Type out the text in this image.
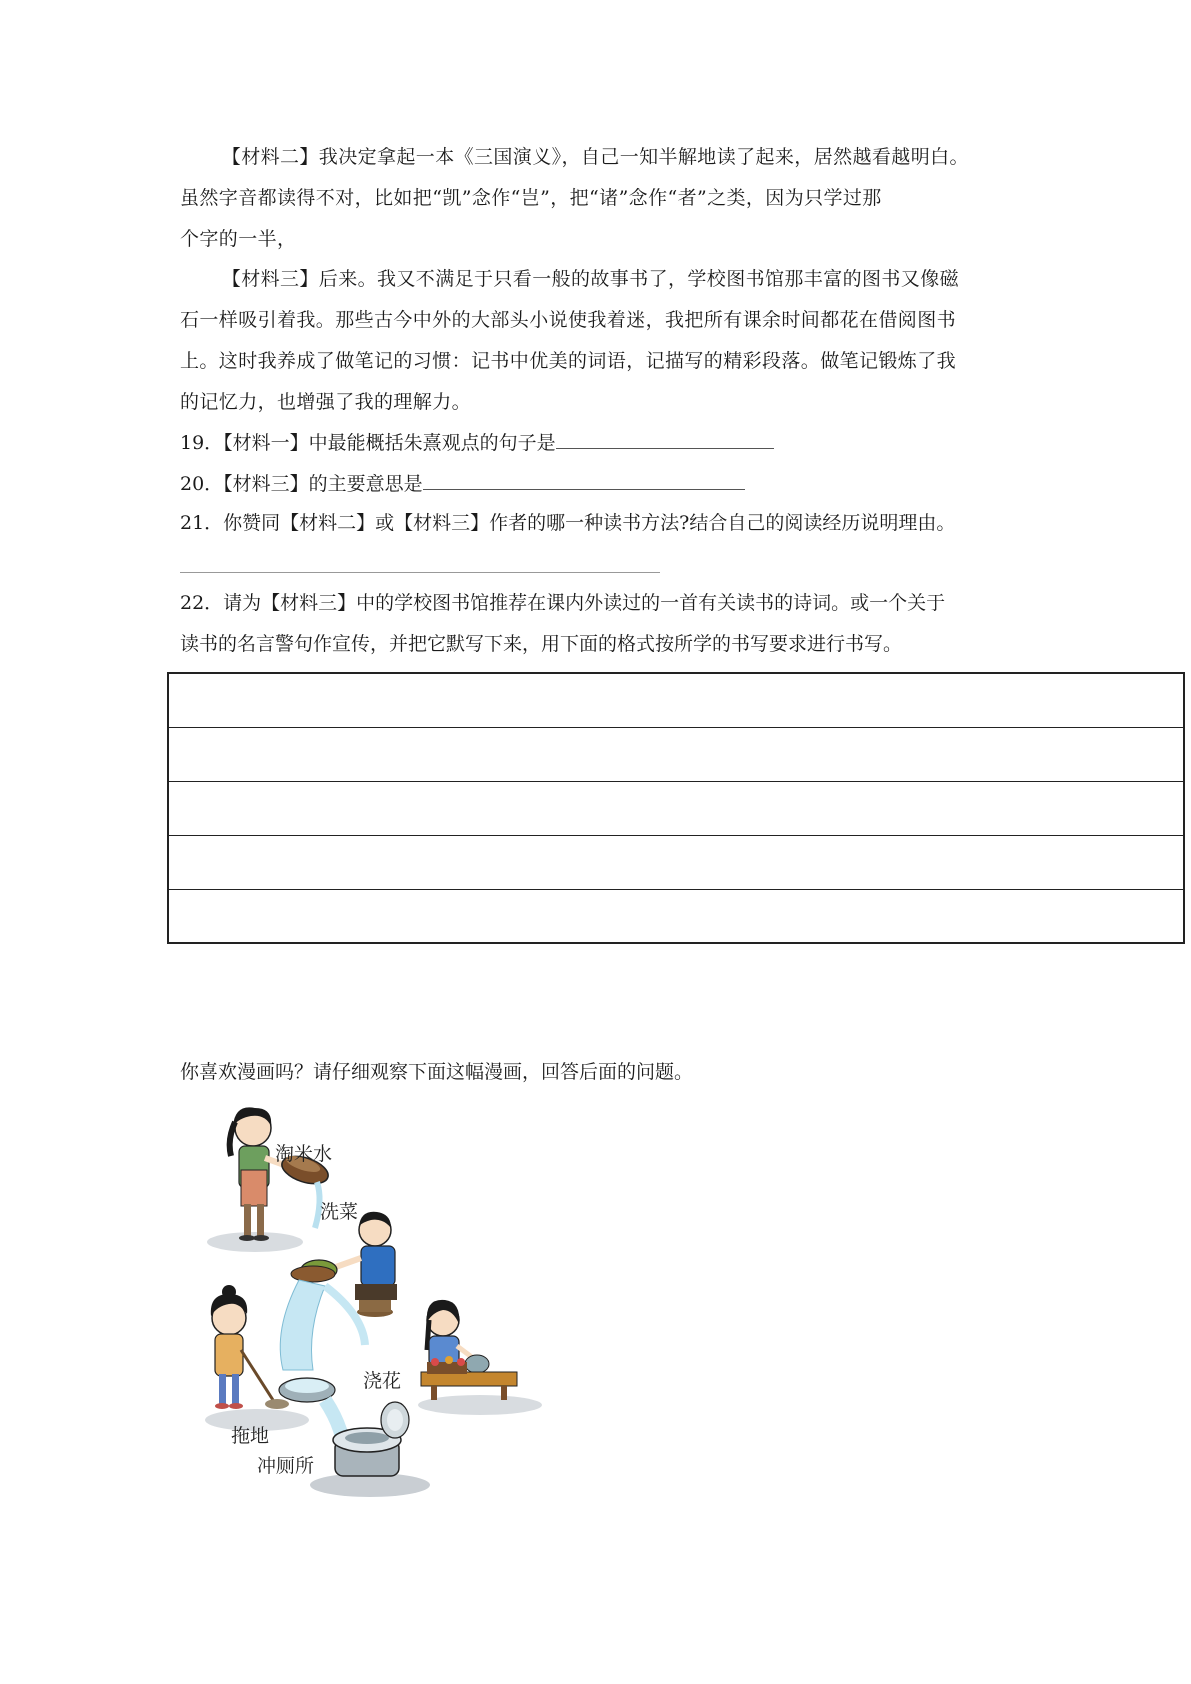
【材料二】我决定拿起一本《三国演义》，自己一知半解地读了起来，居然越看越明白。
虽然字音都读得不对，比如把“凯”念作“岂”，把“诸”念作“者”之类，因为只学过那
个字的一半，
【材料三】后来。我又不满足于只看一般的故事书了，学校图书馆那丰富的图书又像磁
石一样吸引着我。那些古今中外的大部头小说使我着迷，我把所有课余时间都花在借阅图书
上。这时我养成了做笔记的习惯：记书中优美的词语，记描写的精彩段落。做笔记锻炼了我
的记忆力，也增强了我的理解力。
19．【材料一】中最能概括朱熹观点的句子是
20．【材料三】的主要意思是
21．你赞同【材料二】或【材料三】作者的哪一种读书方法?结合自己的阅读经历说明理由。
22．请为【材料三】中的学校图书馆推荐在课内外读过的一首有关读书的诗词。或一个关于
读书的名言警句作宣传，并把它默写下来，用下面的格式按所学的书写要求进行书写。
你喜欢漫画吗？请仔细观察下面这幅漫画，回答后面的问题。
淘米水
洗菜
浇花
拖地
冲厕所
